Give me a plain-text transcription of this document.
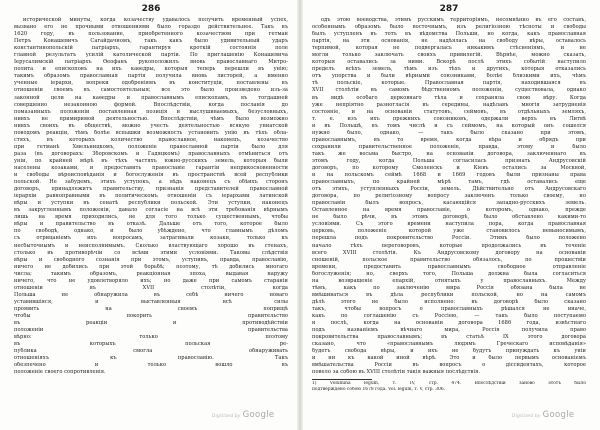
286
исторической минуты, когда козачеству удавалось получить временный успех,
вызвано его не прочными отношениями было гораздо действительнее. Такъ въ
1620 году, въ пользование, приобретенного козачеством при гетман
Петръ Конашевичъ Сагайдачномъ, такъ какъ было удивительный ударъ
константинопольскій патріархъ, гарантируя кроткій состоянія поле
главной результатъ усилій католической партіи. По приглашенію Конашевича
Іерусалимскій патріархъ Ѳеофанъ рукоположилъ вновь православнаго Митро-
полита и епископовъ на ихъ каѳедры, которыя теперь перешли въ унію;
такимъ образомъ православная партія получила вновь листорей, а именно
ученные іерархи, вопреки одобреніямъ въ конституціи, поставлены въ
отношеніи своемъ въ самостоятельныя; все это было произведено изъ-за
законной цели на каѳедры и православнымъ епископамъ, въ тогдашней
совершенно незаконною формой. Впослѣдствіи, когда посланія до
помазанныхъ положеніи поставленная позиція и выслушиваемыхъ, безусловныхъ,
нивхъ не примиримой деятельностью. Впослѣдствіи, чѣмъ было возможно
нивхъ своихъ въ обществѣ, можно учесть деятельностью всякую униатской
поводомъ реакціи, тѣмъ болѣе вспышки возможность установить унію въ тѣхъ обла-
стяхъ, въ которыхъ количество православное, наконецъ, козачество
при гетманѣ Хмельницкомъ, положеніе православной партіи было для
раза (въ договорахъ: Зборовскомъ и Гадяцкомъ) православныхъ отмѣниться отъ
уніи, по крайней мѣрѣ въ тѣхъ частяхъ южно-русскихъ земель, которыя были
населены козаками, и предоставить православіе гарантіи неприкосновенности
и свободы вѣроисповѣданія и богослуженія въ пространствѣ всей республики
польской. Не забудемъ, этихъ уступокъ, а вѣдь наконецъ съ обѣихъ сторонъ
договоръ, принадлежитъ правительству, признанія представителей православной
іерархіи равноправными въ политическомъ отношеніи съ іерархами латинской
вѣры и уступки въ сенатѣ республики польской. Эти уступки, наконецъ
въ закругленнымъ положеніи, давало согласіе на всѣ эти требованія вѣрнымъ
лишь на время приходились, не для того только существеннымъ, чтобы
вѣры и правительство въ отказѣ. Дальше отъ того, которое было
по свободѣ, однако, и было убѣждено, что главнымъ дѣломъ
съ отрицаніемъ ихъ вопросамъ, затрагивали козаки, только къ
несбыточнымъ и неисполнимымъ. Сколько властвующаго хорошо въ стенахъ,
столько въ противорѣчіи со всѣми этими условіями. Таковы слѣдствія
вѣры и свободного сознанія при этомъ, уступивъ, правда, православію,
ничего не добились при этой борьбѣ; поэтому, тѣ добились многаго
числа; такимъ образомъ, реакціонная эпоха, выдавая наружу
ничего, что не удовлетворяло ихъ; но даже при самомъ стараніи
отношеніи въ XVII столѣтіи, когда
Польша не обнаружила въ себѣ ничего новаго
уставившіяся, и выставленныя всѣ силы
проявить на своемъ поприщѣ
чтобы покорить правительство
въ реакціи и противодѣйствіи
положеніи правительства
вѣрно: только поэтому
въ которыхъ польская ре-
публика смогла обнаруживать
отношеніяхъ къ православію. Такъ
обезпечено и только вошло въ
положеніе своего сопротивленія.
287
одъ этою воеводства, этимъ русскимъ территоріямъ, несомнѣнно въ его составъ,
особеннымъ образомъ было восточнымъ, изъ религіозною тѣсноты и свободы
былъ уступленъ въ тотъ въ вѣдомства Польши, но когда, какъ православная
партія, на эти основанія, не надѣялась на свободу вѣры, оставалось
терпимой, которая не подвергалась никакимъ стѣсненіямъ, и не
могли только заключать своихъ привилегій. Вѣрнѣе, можно сказать,
которыя оставались за ними. Вскорѣ послѣ этихъ событій наступило
пределъ всѣхъ земель, тѣмъ изъ тѣхъ и другихъ, которыя отказались
отъ упорства и были вѣрными союзниками, болѣе близкими ихъ, чѣмъ
тѣ польскіе, которые. Православная партія, находившаяся въ
XVII столѣтіи въ самомъ бѣдственномъ положеніи, существовала, однако
въ видѣ особаго церковнаго тѣла и сохраняла свою вѣру. Когда
уже непріятно разногласія въ середины, надѣлавъ многія затрудненія
состояніе, и на основаніи статутовъ, сеймовъ, въ отдѣльныхъ земляхъ,
т. е. изъ ихъ прежнихъ союзниковъ, одержали верхъ въ Литвѣ
и въ Польшѣ, въ томъ числѣ и съ сеймомъ, на который онъ сошелся
нужно было, однако, — такъ было сказано при этомъ,
православнымъ, въ то время, когда вѣра и обрядъ при
сохранили правительственное положеніе, правда, этому и было
такъ же весьма быстро, на основаніи договора, заключеннаго въ
этомъ году, когда Польша согласилась признать Андрусовскій
договоръ, по которому Смоленскъ и Кіевъ остались за Москвой,
и на польскомъ сеймѣ 1668 и 1669 годовъ были признаны права
православныхъ, по крайней мѣрѣ тамъ, гдѣ оставались еще
отъ этихъ, уступленныхъ Россіи, земель. Дѣйствительно отъ Андрусовскаго
договора, по религіозному вопросу заключенъ только своему, но
православіи былъ вопросъ, касающійся западно-русскихъ земель.
Оставленное на время православіе, о которомъ, однако, прежде
не было рѣчи, въ этомъ договорѣ, было обставлено какими-то
условіями. Съ этого времени наступила пора, когда православная
церковь, положеніе которой уже становилось невыносимымъ,
перешла подъ покровительство Россіи. Этимъ было положено
начало тѣхъ переговоровъ, которые продолжались въ теченіе
всего XVIII столѣтія. Къ Андрусовскому договору на основаніи
сношеній, польское правительство обязалось, по прошествіи
времени, предоставить православнымъ свободное отправленіе
богослуженія; но, сверхъ того, Польша должна была согласиться
на возвращеніе епархій, отнятыхъ у православныхъ. Между
тѣмъ, какъ по заключенію мира Россія обязана была не
вмѣшиваться въ дѣла республики польской, но на самомъ
дѣлѣ этого не было исполнено: въ договорѣ было сказано
такъ, чтобы вопросъ о православныхъ рѣшался не иначе,
какъ по соглашенію съ Россіею, — такъ было поступаемо
и послѣ, когда на основаніи договора 1686 года, извѣстнаго
подъ названіемъ вѣчнаго мира, Россія получила право
покровительства православнымъ; въ статьѣ IX этого договора
сказано, что «православнымъ людямъ Греческаго исповѣданія»
будетъ свобода вѣры, и ихъ не будутъ принуждать къ уніи
и ни къ какой иной вѣрѣ. Это и было первымъ основаніемъ
вмѣшательства Россіи въ вопросъ о діссидентахъ, которое
повело за собою въ XVIII столѣтіи такія важныя послѣдствія.
1) Volumina legum, т. IV, стр. 474. Впослѣдствіи заново этотъ было
подтверждено собою 1678 года. Vol. legum, т. V, стр. 306.
Digitized by Google	Digitized by Google
